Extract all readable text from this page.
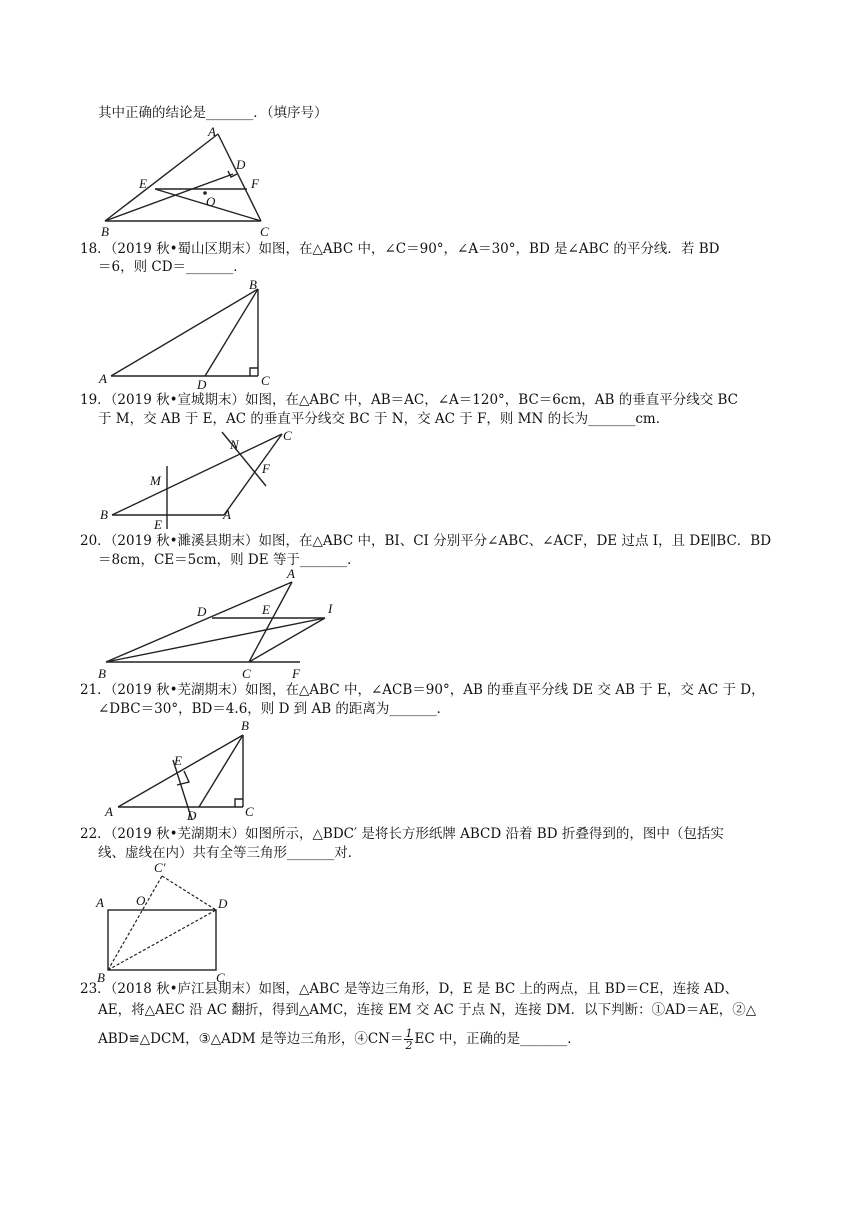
其中正确的结论是_______．（填序号）
A
D
E	F
O
B	C
18．（2019 秋•蜀山区期末）如图，在△ABC 中，∠C＝90°，∠A＝30°，BD 是∠ABC 的平分线．若 BD
＝6，则 CD＝_______．
A
B
C
D
19．（2019 秋•宣城期末）如图，在△ABC 中，AB＝AC，∠A＝120°，BC＝6cm，AB 的垂直平分线交 BC
于 M，交 AB 于 E，AC 的垂直平分线交 BC 于 N，交 AC 于 F，则 MN 的长为_______cm．
B	A
C
M
N
E
F
20．（2019 秋•濉溪县期末）如图，在△ABC 中，BI、CI 分别平分∠ABC、∠ACF，DE 过点 I，且 DE∥BC．BD
＝8cm，CE＝5cm，则 DE 等于_______．
A
D	E	I
B	C	F
21．（2019 秋•芜湖期末）如图，在△ABC 中，∠ACB＝90°，AB 的垂直平分线 DE 交 AB 于 E，交 AC 于 D，
∠DBC＝30°，BD＝4.6，则 D 到 AB 的距离为_______．
A
B
C
D
E
22．（2019 秋•芜湖期末）如图所示，△BDC′ 是将长方形纸牌 ABCD 沿着 BD 折叠得到的，图中（包括实
线、虚线在内）共有全等三角形_______对．
C′
A O	D
B	C
23．（2018 秋•庐江县期末）如图，△ABC 是等边三角形，D，E 是 BC 上的两点，且 BD＝CE，连接 AD、
AE，将△AEC 沿 AC 翻折，得到△AMC，连接 EM 交 AC 于点 N，连接 DM．以下判断：①AD＝AE，②△
ABD≌△DCM，③△ADM 是等边三角形，④CN＝ $\frac{1}{2}$ EC 中，正确的是_______．
